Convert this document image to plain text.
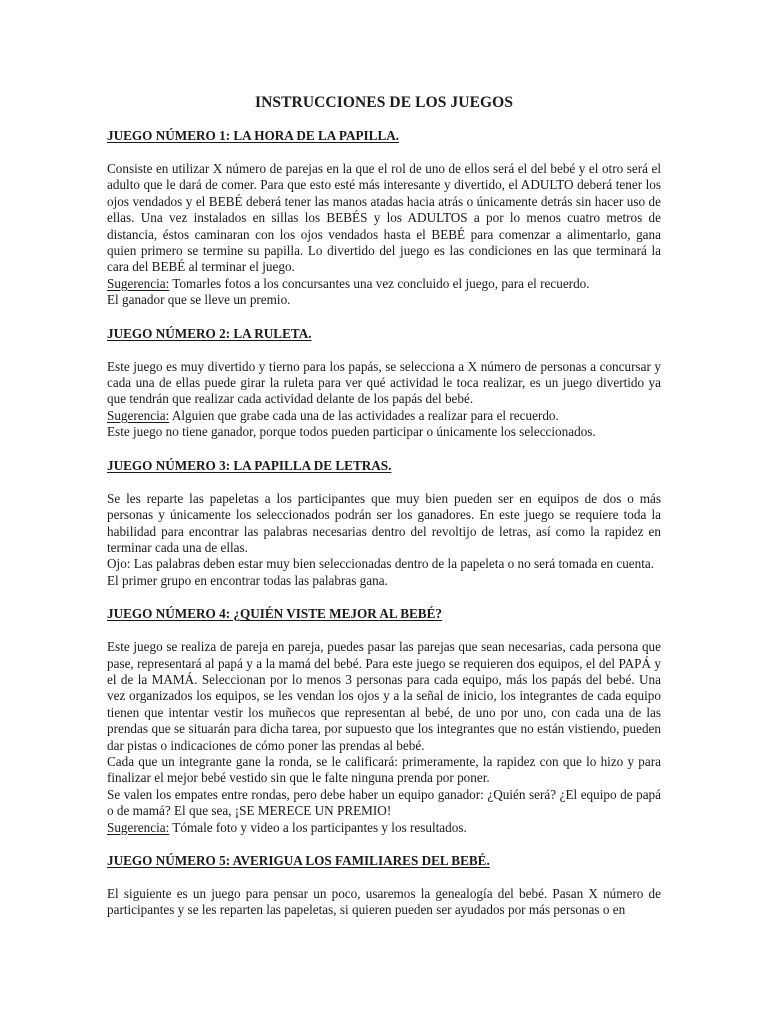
INSTRUCCIONES DE LOS JUEGOS
JUEGO NÚMERO 1: LA HORA DE LA PAPILLA.

Consiste en utilizar X número de parejas en la que el rol de uno de ellos será el del bebé y el otro será el adulto que le dará de comer. Para que esto esté más interesante y divertido, el ADULTO deberá tener los ojos vendados y el BEBÉ deberá tener las manos atadas hacia atrás o únicamente detrás sin hacer uso de ellas. Una vez instalados en sillas los BEBÉS y los ADULTOS a por lo menos cuatro metros de distancia, éstos caminaran con los ojos vendados hasta el BEBÉ para comenzar a alimentarlo, gana quien primero se termine su papilla. Lo divertido del juego es las condiciones en las que terminará la cara del BEBÉ al terminar el juego.

Sugerencia: Tomarles fotos a los concursantes una vez concluido el juego, para el recuerdo.

El ganador que se lleve un premio.

JUEGO NÚMERO 2: LA RULETA.

Este juego es muy divertido y tierno para los papás, se selecciona a X número de personas a concursar y cada una de ellas puede girar la ruleta para ver qué actividad le toca realizar, es un juego divertido ya que tendrán que realizar cada actividad delante de los papás del bebé.

Sugerencia: Alguien que grabe cada una de las actividades a realizar para el recuerdo.

Este juego no tiene ganador, porque todos pueden participar o únicamente los seleccionados.

JUEGO NÚMERO 3: LA PAPILLA DE LETRAS.

Se les reparte las papeletas a los participantes que muy bien pueden ser en equipos de dos o más personas y únicamente los seleccionados podrán ser los ganadores. En este juego se requiere toda la habilidad para encontrar las palabras necesarias dentro del revoltijo de letras, así como la rapidez en terminar cada una de ellas.

Ojo: Las palabras deben estar muy bien seleccionadas dentro de la papeleta o no será tomada en cuenta.

El primer grupo en encontrar todas las palabras gana.

JUEGO NÚMERO 4: ¿QUIÉN VISTE MEJOR AL BEBÉ?

Este juego se realiza de pareja en pareja, puedes pasar las parejas que sean necesarias, cada persona que pase, representará al papá y a la mamá del bebé. Para este juego se requieren dos equipos, el del PAPÁ y el de la MAMÁ. Seleccionan por lo menos 3 personas para cada equipo, más los papás del bebé. Una vez organizados los equipos, se les vendan los ojos y a la señal de inicio, los integrantes de cada equipo tienen que intentar vestir los muñecos que representan al bebé, de uno por uno, con cada una de las prendas que se situarán para dicha tarea, por supuesto que los integrantes que no están vistiendo, pueden dar pistas o indicaciones de cómo poner las prendas al bebé.

Cada que un integrante gane la ronda, se le calificará: primeramente, la rapidez con que lo hizo y para finalizar el mejor bebé vestido sin que le falte ninguna prenda por poner.

Se valen los empates entre rondas, pero debe haber un equipo ganador: ¿Quién será? ¿El equipo de papá o de mamá? El que sea, ¡SE MERECE UN PREMIO!

Sugerencia: Tómale foto y video a los participantes y los resultados.

JUEGO NÚMERO 5: AVERIGUA LOS FAMILIARES DEL BEBÉ.

El siguiente es un juego para pensar un poco, usaremos la genealogía del bebé. Pasan X número de participantes y se les reparten las papeletas, si quieren pueden ser ayudados por más personas o en
